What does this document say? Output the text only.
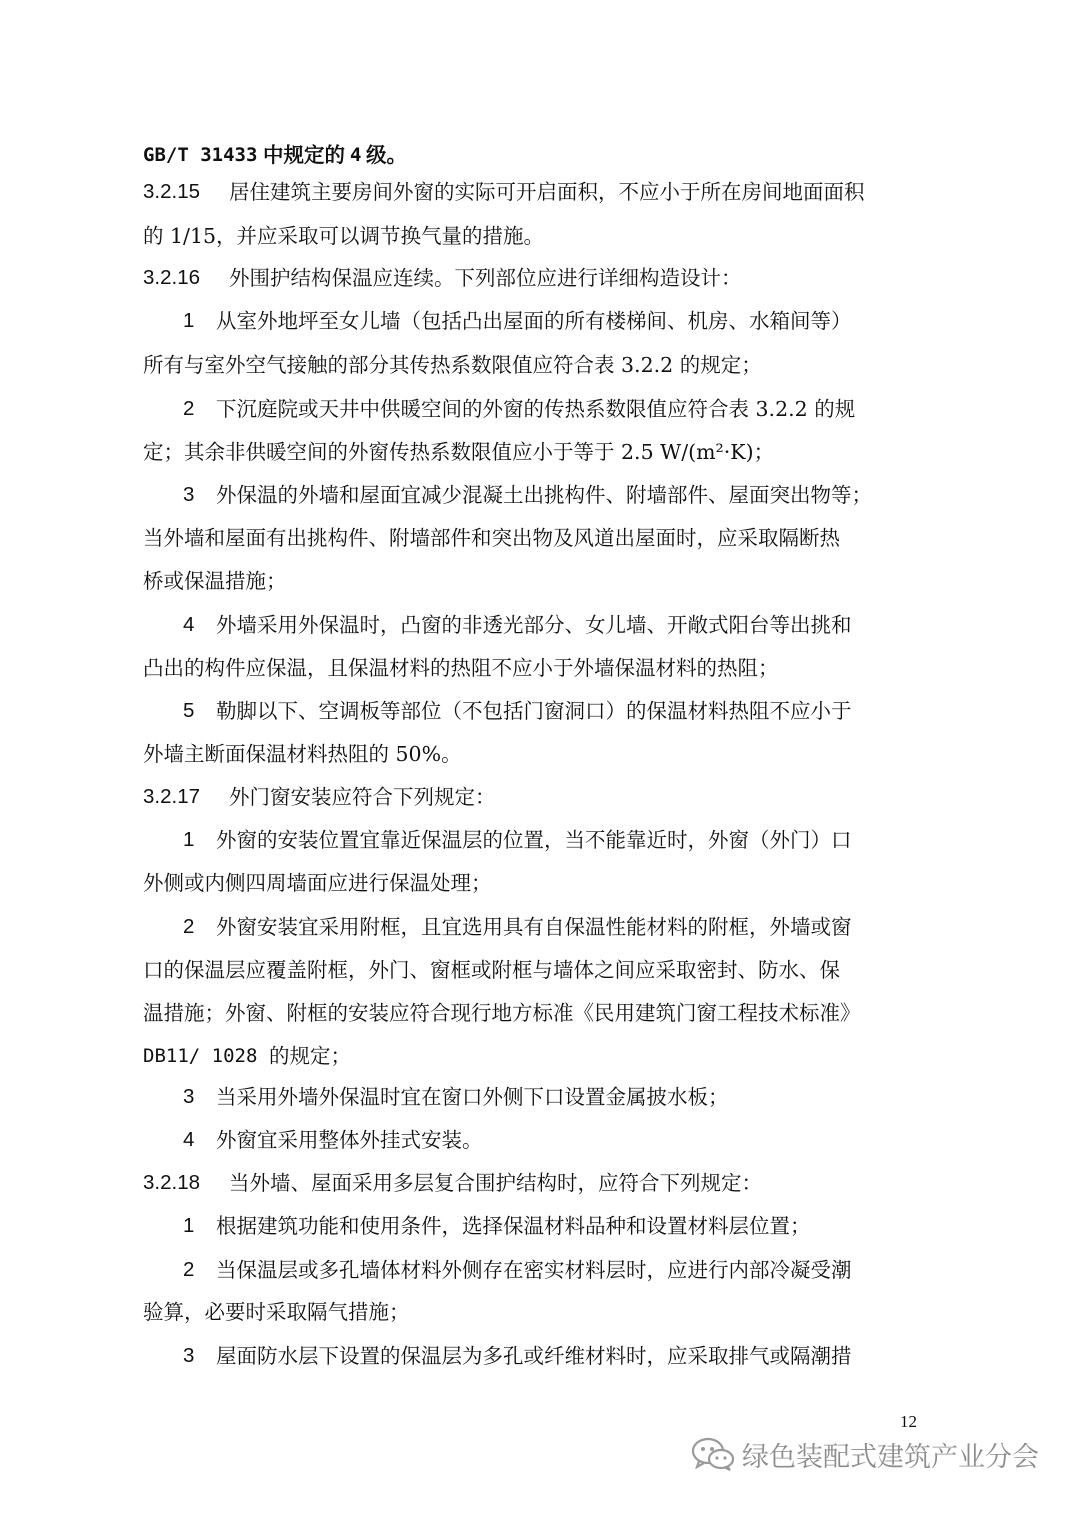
GB/T 31433 中规定的 4 级。
3.2.15 居住建筑主要房间外窗的实际可开启面积，不应小于所在房间地面面积
的 1/15，并应采取可以调节换气量的措施。
3.2.16 外围护结构保温应连续。下列部位应进行详细构造设计：
1 从室外地坪至女儿墙（包括凸出屋面的所有楼梯间、机房、水箱间等）
所有与室外空气接触的部分其传热系数限值应符合表 3.2.2 的规定；
2 下沉庭院或天井中供暖空间的外窗的传热系数限值应符合表 3.2.2 的规
定；其余非供暖空间的外窗传热系数限值应小于等于 2.5 W/(m²·K)；
3 外保温的外墙和屋面宜减少混凝土出挑构件、附墙部件、屋面突出物等；
当外墙和屋面有出挑构件、附墙部件和突出物及风道出屋面时，应采取隔断热
桥或保温措施；
4 外墙采用外保温时，凸窗的非透光部分、女儿墙、开敞式阳台等出挑和
凸出的构件应保温，且保温材料的热阻不应小于外墙保温材料的热阻；
5 勒脚以下、空调板等部位（不包括门窗洞口）的保温材料热阻不应小于
外墙主断面保温材料热阻的 50%。
3.2.17 外门窗安装应符合下列规定：
1 外窗的安装位置宜靠近保温层的位置，当不能靠近时，外窗（外门）口
外侧或内侧四周墙面应进行保温处理；
2 外窗安装宜采用附框，且宜选用具有自保温性能材料的附框，外墙或窗
口的保温层应覆盖附框，外门、窗框或附框与墙体之间应采取密封、防水、保
温措施；外窗、附框的安装应符合现行地方标准《民用建筑门窗工程技术标准》
DB11/ 1028 的规定；
3 当采用外墙外保温时宜在窗口外侧下口设置金属披水板；
4 外窗宜采用整体外挂式安装。
3.2.18 当外墙、屋面采用多层复合围护结构时，应符合下列规定：
1 根据建筑功能和使用条件，选择保温材料品种和设置材料层位置；
2 当保温层或多孔墙体材料外侧存在密实材料层时，应进行内部冷凝受潮
验算，必要时采取隔气措施；
3 屋面防水层下设置的保温层为多孔或纤维材料时，应采取排气或隔潮措
12
绿色装配式建筑产业分会
